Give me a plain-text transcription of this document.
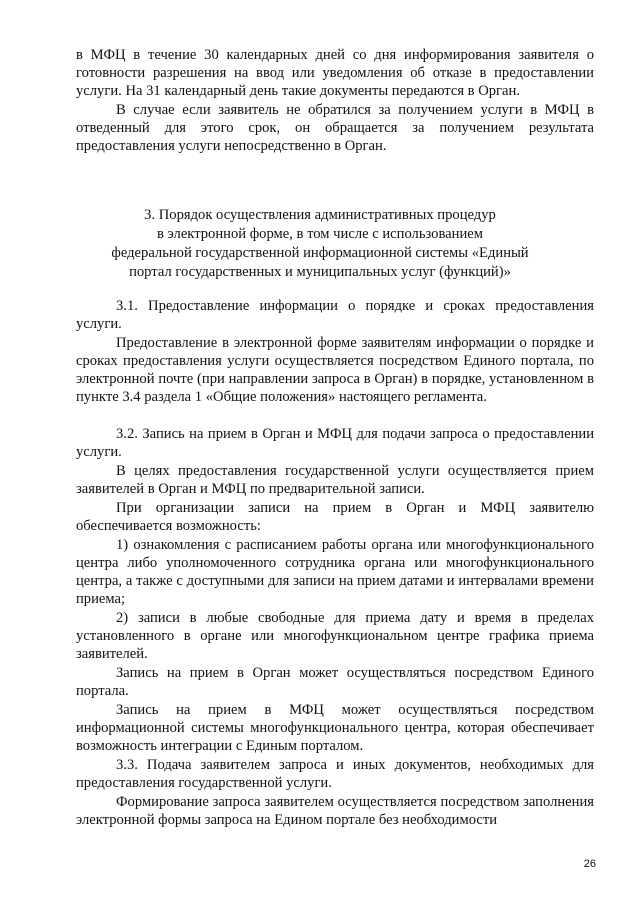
в МФЦ в течение 30 календарных дней со дня информирования заявителя о готовности разрешения на ввод или уведомления об отказе в предоставлении услуги. На 31 календарный день такие документы передаются в Орган.

В случае если заявитель не обратился за получением услуги в МФЦ в отведенный для этого срок, он обращается за получением результата предоставления услуги непосредственно в Орган.

3. Порядок осуществления административных процедур

в электронной форме, в том числе с использованием

федеральной государственной информационной системы «Единый

портал государственных и муниципальных услуг (функций)»

3.1. Предоставление информации о порядке и сроках предоставления услуги.

Предоставление в электронной форме заявителям информации о порядке и сроках предоставления услуги осуществляется посредством Единого портала, по электронной почте (при направлении запроса в Орган) в порядке, установленном в пункте 3.4 раздела 1 «Общие положения» настоящего регламента.

3.2. Запись на прием в Орган и МФЦ для подачи запроса о предоставлении услуги.

В целях предоставления государственной услуги осуществляется прием заявителей в Орган и МФЦ по предварительной записи.

При организации записи на прием в Орган и МФЦ заявителю обеспечивается возможность:

1) ознакомления с расписанием работы органа или многофункционального центра либо уполномоченного сотрудника органа или многофункционального центра, а также с доступными для записи на прием датами и интервалами времени приема;

2) записи в любые свободные для приема дату и время в пределах установленного в органе или многофункциональном центре графика приема заявителей.

Запись на прием в Орган может осуществляться посредством Единого портала.

Запись на прием в МФЦ может осуществляться посредством информационной системы многофункционального центра, которая обеспечивает возможность интеграции с Единым порталом.

3.3. Подача заявителем запроса и иных документов, необходимых для предоставления государственной услуги.

Формирование запроса заявителем осуществляется посредством заполнения электронной формы запроса на Едином портале без необходимости

26
